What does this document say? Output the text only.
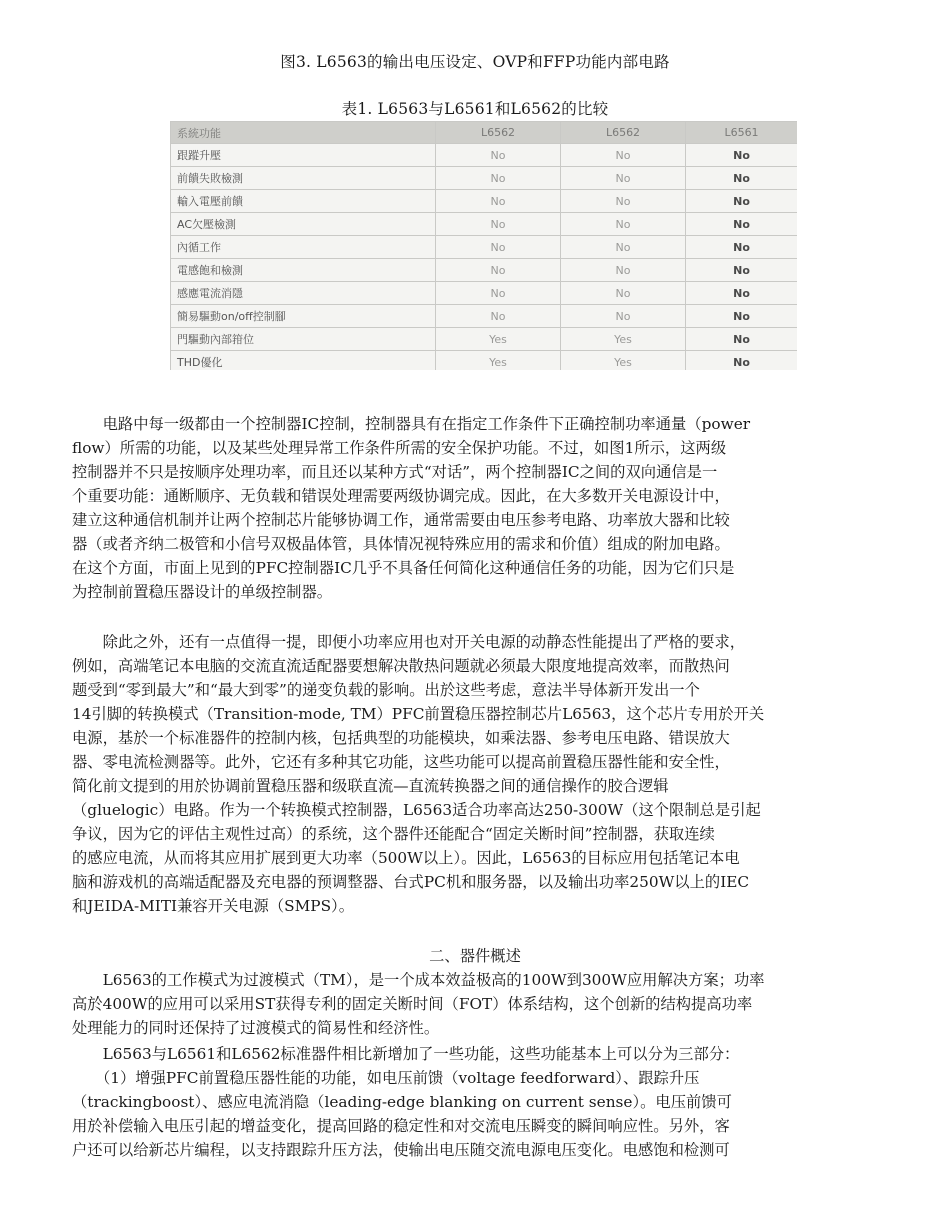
图3. L6563的输出电压设定、OVP和FFP功能内部电路
表1. L6563与L6561和L6562的比较
系統功能	L6562	L6562	L6561
跟蹤升壓	No	No	No
前饋失敗檢測	No	No	No
輸入電壓前饋	No	No	No
AC欠壓檢測	No	No	No
內循工作	No	No	No
電感飽和檢測	No	No	No
感應電流消隱	No	No	No
簡易驅動on/off控制腳	No	No	No
門驅動內部箝位	Yes	Yes	No
THD優化	Yes	Yes	No
　　电路中每一级都由一个控制器IC控制，控制器具有在指定工作条件下正确控制功率通量（power
flow）所需的功能，以及某些处理异常工作条件所需的安全保护功能。不过，如图1所示，这两级
控制器并不只是按顺序处理功率，而且还以某种方式“对话”，两个控制器IC之间的双向通信是一
个重要功能：通断顺序、无负载和错误处理需要两级协调完成。因此，在大多数开关电源设计中，
建立这种通信机制并让两个控制芯片能够协调工作，通常需要由电压参考电路、功率放大器和比较
器（或者齐纳二极管和小信号双极晶体管，具体情况视特殊应用的需求和价值）组成的附加电路。
在这个方面，市面上见到的PFC控制器IC几乎不具备任何简化这种通信任务的功能，因为它们只是
为控制前置稳压器设计的单级控制器。
　　除此之外，还有一点值得一提，即便小功率应用也对开关电源的动静态性能提出了严格的要求，
例如，高端笔记本电脑的交流直流适配器要想解决散热问题就必须最大限度地提高效率，而散热问
题受到“零到最大”和“最大到零”的递变负载的影响。出於这些考虑，意法半导体新开发出一个
14引脚的转换模式（Transition-mode, TM）PFC前置稳压器控制芯片L6563，这个芯片专用於开关
电源，基於一个标准器件的控制内核，包括典型的功能模块，如乘法器、参考电压电路、错误放大
器、零电流检测器等。此外，它还有多种其它功能，这些功能可以提高前置稳压器性能和安全性，
简化前文提到的用於协调前置稳压器和级联直流—直流转换器之间的通信操作的胶合逻辑
（gluelogic）电路。作为一个转换模式控制器，L6563适合功率高达250-300W（这个限制总是引起
争议，因为它的评估主观性过高）的系统，这个器件还能配合“固定关断时间”控制器，获取连续
的感应电流，从而将其应用扩展到更大功率（500W以上）。因此，L6563的目标应用包括笔记本电
脑和游戏机的高端适配器及充电器的预调整器、台式PC机和服务器，以及输出功率250W以上的IEC
和JEIDA-MITI兼容开关电源（SMPS）。
二、器件概述
　　L6563的工作模式为过渡模式（TM），是一个成本效益极高的100W到300W应用解决方案；功率
高於400W的应用可以采用ST获得专利的固定关断时间（FOT）体系结构，这个创新的结构提高功率
处理能力的同时还保持了过渡模式的简易性和经济性。
　　L6563与L6561和L6562标准器件相比新增加了一些功能，这些功能基本上可以分为三部分：
　　（1）增强PFC前置稳压器性能的功能，如电压前馈（voltage feedforward）、跟踪升压
（trackingboost）、感应电流消隐（leading-edge blanking on current sense）。电压前馈可
用於补偿输入电压引起的增益变化，提高回路的稳定性和对交流电压瞬变的瞬间响应性。另外，客
户还可以给新芯片编程，以支持跟踪升压方法，使输出电压随交流电源电压变化。电感饱和检测可
